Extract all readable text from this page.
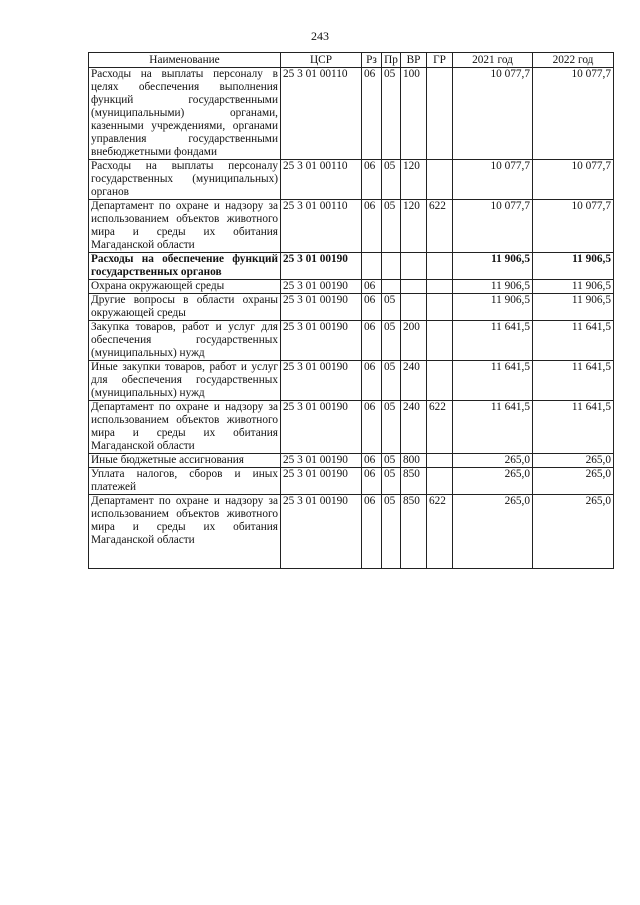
243
Наименование	ЦСР	Рз	Пр	ВР	ГР	2021 год	2022 год
Расходы на выплаты персоналу в целях обеспечения выполнения функций государственными (муниципальными) органами, казенными учреждениями, органами управления государственными внебюджетными фондами	25 3 01 00110	06	05	100		10 077,7	10 077,7
Расходы на выплаты персоналу государственных (муниципальных) органов	25 3 01 00110	06	05	120		10 077,7	10 077,7
Департамент по охране и надзору за использованием объектов животного мира и среды их обитания Магаданской области	25 3 01 00110	06	05	120	622	10 077,7	10 077,7
Расходы на обеспечение функций государственных органов	25 3 01 00190					11 906,5	11 906,5
Охрана окружающей среды	25 3 01 00190	06				11 906,5	11 906,5
Другие вопросы в области охраны окружающей среды	25 3 01 00190	06	05			11 906,5	11 906,5
Закупка товаров, работ и услуг для обеспечения государственных (муниципальных) нужд	25 3 01 00190	06	05	200		11 641,5	11 641,5
Иные закупки товаров, работ и услуг для обеспечения государственных (муниципальных) нужд	25 3 01 00190	06	05	240		11 641,5	11 641,5
Департамент по охране и надзору за использованием объектов животного мира и среды их обитания Магаданской области	25 3 01 00190	06	05	240	622	11 641,5	11 641,5
Иные бюджетные ассигнования	25 3 01 00190	06	05	800		265,0	265,0
Уплата налогов, сборов и иных платежей	25 3 01 00190	06	05	850		265,0	265,0
Департамент по охране и надзору за использованием объектов животного мира и среды их обитания Магаданской области	25 3 01 00190	06	05	850	622	265,0	265,0
